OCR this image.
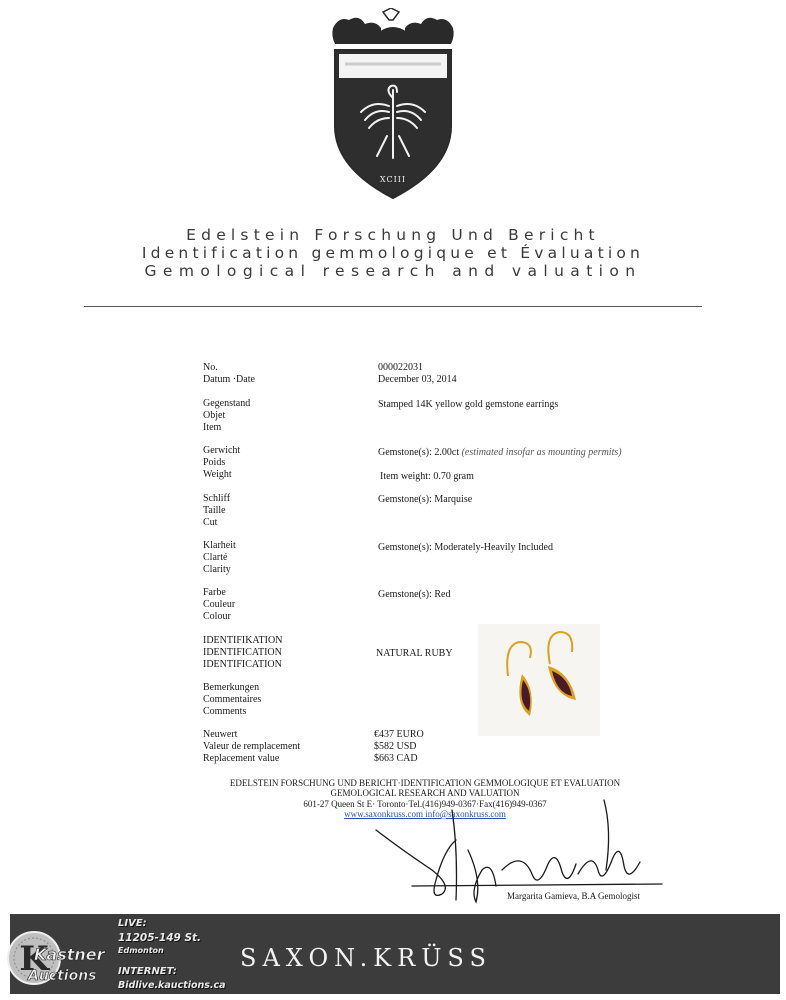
XCIII
Edelstein Forschung Und Bericht
Identification gemmologique et Évaluation
Gemological research and valuation
No.
Datum ·Date
000022031
December 03, 2014
Gegenstand
Objet
Item
Stamped 14K yellow gold gemstone earrings
Gerwicht
Poids
Weight
Gemstone(s): 2.00ct (estimated insofar as mounting permits)
Item weight: 0.70 gram
Schliff
Taille
Cut
Gemstone(s): Marquise
Klarheit
Clarté
Clarity
Gemstone(s): Moderately-Heavily Included
Farbe
Couleur
Colour
Gemstone(s): Red
IDENTIFIKATION
IDENTIFICATION
IDENTIFICATION
NATURAL RUBY
Bemerkungen
Commentaires
Comments
Neuwert
Valeur de remplacement
Replacement value
€437 EURO
$582 USD
$663 CAD
EDELSTEIN FORSCHUNG UND BERICHT·IDENTIFICATION GEMMOLOGIQUE ET EVALUATION
GEMOLOGICAL RESEARCH AND VALUATION
601-27 Queen St E· Toronto·Tel.(416)949-0367·Fax(416)949-0367
www.saxonkruss.com info@saxonkruss.com
Margarita Gamieva, B.A Gemologist
K
Kastner
Auctions
LIVE:
11205-149 St.
Edmonton
INTERNET:
Bidlive.kauctions.ca
SAXON.KRÜSS
